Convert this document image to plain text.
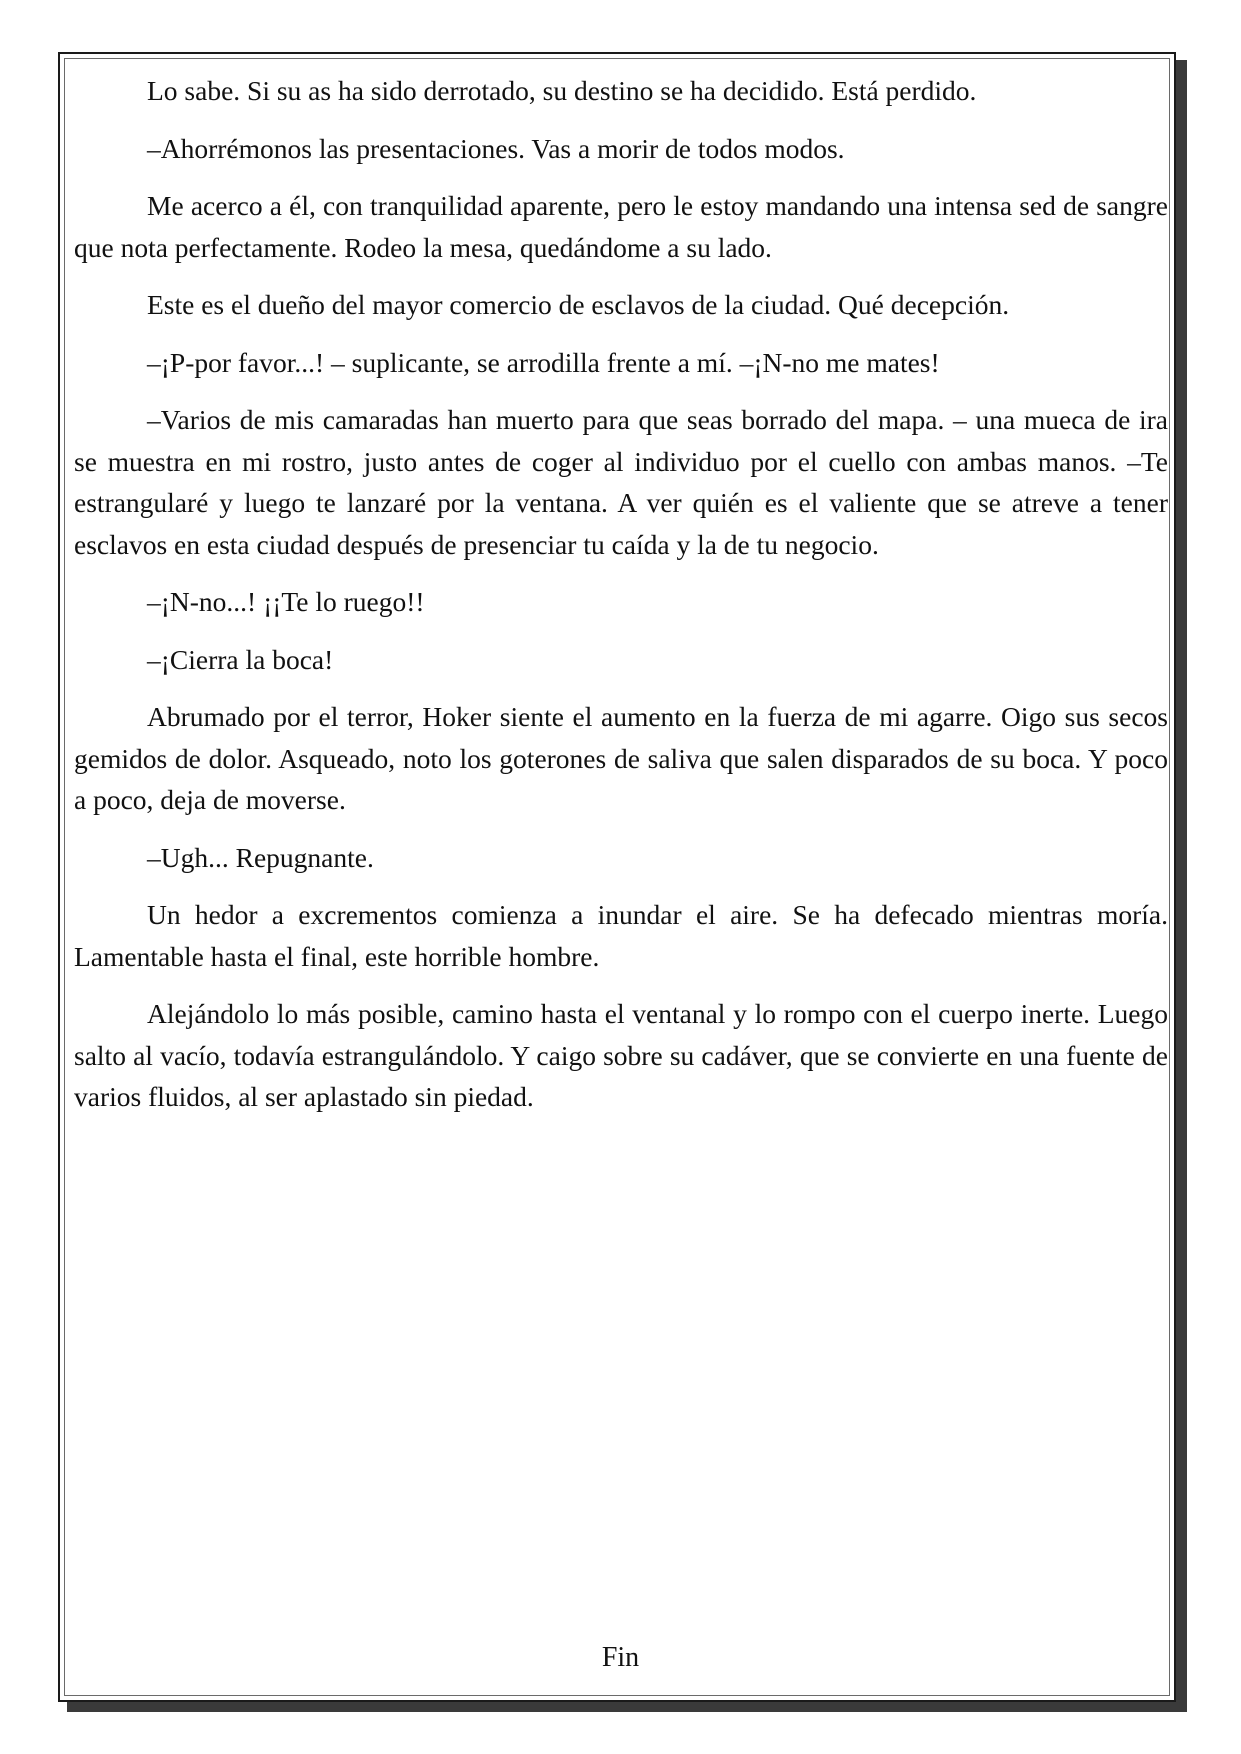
Lo sabe. Si su as ha sido derrotado, su destino se ha decidido. Está perdido.

–Ahorrémonos las presentaciones. Vas a morir de todos modos.

Me acerco a él, con tranquilidad aparente, pero le estoy mandando una intensa sed de sangre que nota perfectamente. Rodeo la mesa, quedándome a su lado.

Este es el dueño del mayor comercio de esclavos de la ciudad. Qué decepción.

–¡P-por favor...! – suplicante, se arrodilla frente a mí. –¡N-no me mates!

–Varios de mis camaradas han muerto para que seas borrado del mapa. – una mueca de ira se muestra en mi rostro, justo antes de coger al individuo por el cuello con ambas manos. –Te estrangularé y luego te lanzaré por la ventana. A ver quién es el valiente que se atreve a tener esclavos en esta ciudad después de presenciar tu caída y la de tu negocio.

–¡N-no...! ¡¡Te lo ruego!!

–¡Cierra la boca!

Abrumado por el terror, Hoker siente el aumento en la fuerza de mi agarre. Oigo sus secos gemidos de dolor. Asqueado, noto los goterones de saliva que salen disparados de su boca. Y poco a poco, deja de moverse.

–Ugh... Repugnante.

Un hedor a excrementos comienza a inundar el aire. Se ha defecado mientras moría. Lamentable hasta el final, este horrible hombre.

Alejándolo lo más posible, camino hasta el ventanal y lo rompo con el cuerpo inerte. Luego salto al vacío, todavía estrangulándolo. Y caigo sobre su cadáver, que se convierte en una fuente de varios fluidos, al ser aplastado sin piedad.

Fin
